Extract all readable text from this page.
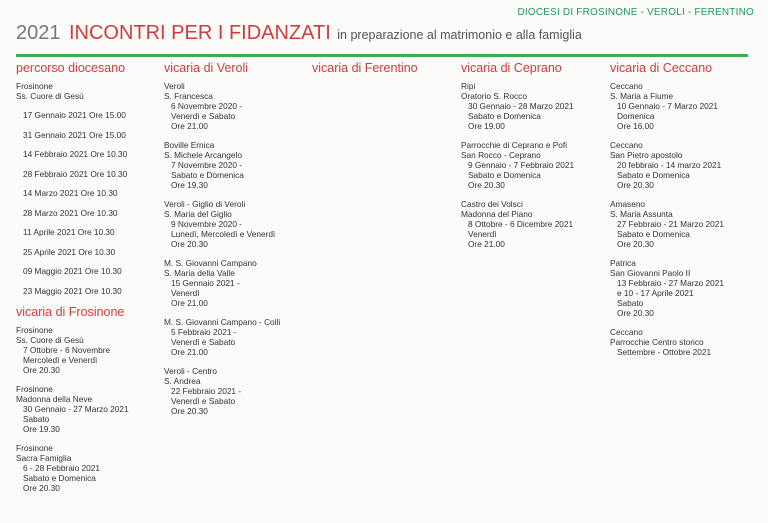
DIOCESI DI FROSINONE - VEROLI - FERENTINO
2021 INCONTRI PER I FIDANZATI in preparazione al matrimonio e alla famiglia
percorso diocesano
Frosinone
Ss. Cuore di Gesù
17 Gennaio 2021 Ore 15.00
31 Gennaio 2021 Ore 15.00
14 Febbraio 2021 Ore 10.30
28 Febbraio 2021 Ore 10.30
14 Marzo 2021 Ore 10.30
28 Marzo 2021 Ore 10.30
11 Aprile 2021 Ore 10.30
25 Aprile 2021 Ore 10.30
09 Maggio 2021 Ore 10.30
23 Maggio 2021 Ore 10.30
vicaria di Frosinone
Frosinone
Ss. Cuore di Gesù
7 Ottobre - 6 Novembre
Mercoledì e Venerdì
Ore 20.30
Frosinone
Madonna della Neve
30 Gennaio - 27 Marzo 2021
Sabato
Ore 19.30
Frosinone
Sacra Famiglia
6 - 28 Febbraio 2021
Sabato e Domenica
Ore 20.30
vicaria di Veroli
Veroli
S. Francesca
6 Novembre 2020 -
Venerdì e Sabato
Ore 21.00
Boville Ernica
S. Michele Arcangelo
7 Novembre 2020 -
Sabato e Domenica
Ore 19.30
Veroli - Giglio di Veroli
S. Maria del Giglio
9 Novembre 2020 -
Lunedì, Mercoledì e Venerdì
Ore 20.30
M. S. Giovanni Campano
S. Maria della Valle
15 Gennaio 2021 -
Venerdì
Ore 21.00
M. S. Giovanni Campano - Colli
5 Febbraio 2021 -
Venerdì e Sabato
Ore 21.00
Veroli - Centro
S. Andrea
22 Febbraio 2021 -
Venerdì e Sabato
Ore 20.30
vicaria di Ferentino	vicaria di Ceprano
Ripi
Oratorio S. Rocco
30 Gennaio - 28 Marzo 2021
Sabato e Domenica
Ore 19.00
Parrocchie di Ceprano e Pofi
San Rocco - Ceprano
9 Gennaio - 7 Febbraio 2021
Sabato e Domenica
Ore 20.30
Castro dei Volsci
Madonna del Piano
8 Ottobre - 6 Dicembre 2021
Venerdì
Ore 21.00
vicaria di Ceccano
Ceccano
S. Maria a Fiume
10 Gennaio - 7 Marzo 2021
Domenica
Ore 16.00
Ceccano
San Pietro apostolo
20 febbraio - 14 marzo 2021
Sabato e Domenica
Ore 20.30
Amaseno
S. Maria Assunta
27 Febbraio - 21 Marzo 2021
Sabato e Domenica
Ore 20.30
Patrica
San Giovanni Paolo II
13 Febbraio - 27 Marzo 2021
e 10 - 17 Aprile 2021
Sabato
Ore 20.30
Ceccano
Parrocchie Centro storico
Settembre - Ottobre 2021
